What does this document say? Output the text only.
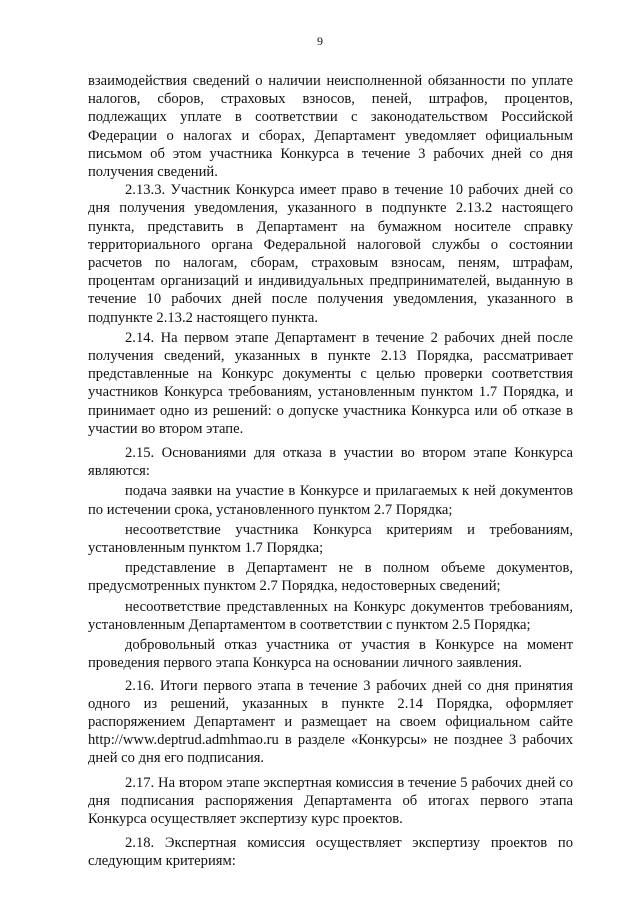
9

взаимодействия сведений о наличии неисполненной обязанности по уплате налогов, сборов, страховых взносов, пеней, штрафов, процентов, подлежащих уплате в соответствии с законодательством Российской Федерации о налогах и сборах, Департамент уведомляет официальным письмом об этом участника Конкурса в течение 3 рабочих дней со дня получения сведений.

2.13.3. Участник Конкурса имеет право в течение 10 рабочих дней со дня получения уведомления, указанного в подпункте 2.13.2 настоящего пункта, представить в Департамент на бумажном носителе справку территориального органа Федеральной налоговой службы о состоянии расчетов по налогам, сборам, страховым взносам, пеням, штрафам, процентам организаций и индивидуальных предпринимателей, выданную в течение 10 рабочих дней после получения уведомления, указанного в подпункте 2.13.2 настоящего пункта.

2.14. На первом этапе Департамент в течение 2 рабочих дней после получения сведений, указанных в пункте 2.13 Порядка, рассматривает представленные на Конкурс документы с целью проверки соответствия участников Конкурса требованиям, установленным пунктом 1.7 Порядка, и принимает одно из решений: о допуске участника Конкурса или об отказе в участии во втором этапе.

2.15. Основаниями для отказа в участии во втором этапе Конкурса являются:

подача заявки на участие в Конкурсе и прилагаемых к ней документов по истечении срока, установленного пунктом 2.7 Порядка;

несоответствие участника Конкурса критериям и требованиям, установленным пунктом 1.7 Порядка;

представление в Департамент не в полном объеме документов, предусмотренных пунктом 2.7 Порядка, недостоверных сведений;

несоответствие представленных на Конкурс документов требованиям, установленным Департаментом в соответствии с пунктом 2.5 Порядка;

добровольный отказ участника от участия в Конкурсе на момент проведения первого этапа Конкурса на основании личного заявления.

2.16. Итоги первого этапа в течение 3 рабочих дней со дня принятия одного из решений, указанных в пункте 2.14 Порядка, оформляет распоряжением Департамент и размещает на своем официальном сайте http://www.deptrud.admhmao.ru в разделе «Конкурсы» не позднее 3 рабочих дней со дня его подписания.

2.17. На втором этапе экспертная комиссия в течение 5 рабочих дней со дня подписания распоряжения Департамента об итогах первого этапа Конкурса осуществляет экспертизу курс проектов.

2.18. Экспертная комиссия осуществляет экспертизу проектов по следующим критериям:
